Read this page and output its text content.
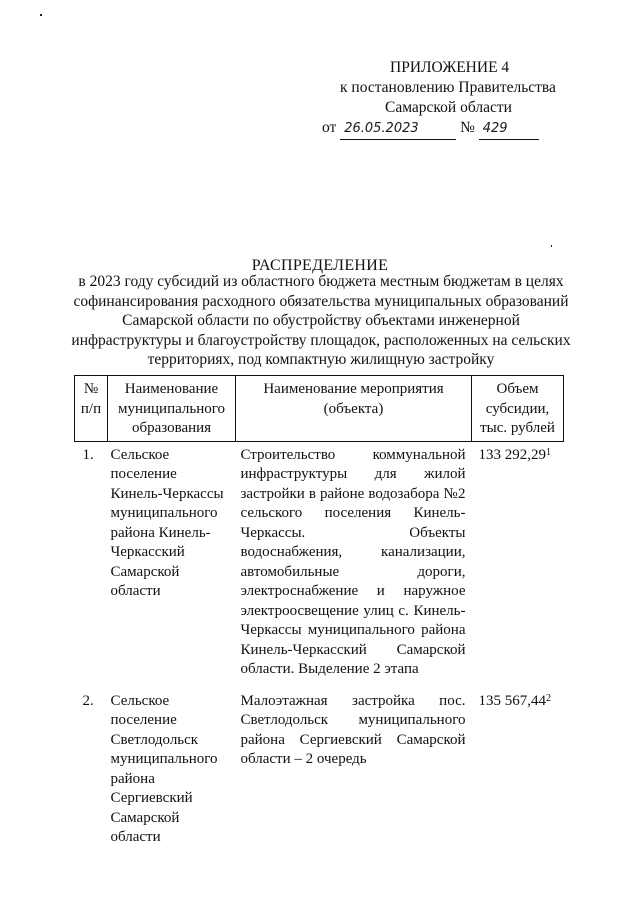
ПРИЛОЖЕНИЕ 4
к постановлению Правительства
Самарской области
от 26.05.2023	№ 429
РАСПРЕДЕЛЕНИЕ
в 2023 году субсидий из областного бюджета местным бюджетам в целях софинансирования расходного обязательства муниципальных образований Самарской области по обустройству объектами инженерной инфраструктуры и благоустройству площадок, расположенных на сельских территориях, под компактную жилищную застройку
№ п/п	Наименование муниципального образования	Наименование мероприятия (объекта)	Объем субсидии, тыс. рублей
1.	Сельское поселение Кинель-Черкассы муниципального района Кинель-Черкасский Самарской области	Строительство коммунальной инфраструктуры для жилой застройки в районе водозабора №2 сельского поселения Кинель-Черкассы. Объекты водоснабжения, канализации, автомобильные дороги, электроснабжение и наружное электроосвещение улиц с. Кинель-Черкассы муниципального района Кинель-Черкасский Самарской области. Выделение 2 этапа	133 292,29$^1$
2.	Сельское поселение Светлодольск муниципального района Сергиевский Самарской области	Малоэтажная застройка пос. Светлодольск муниципального района Сергиевский Самарской области – 2 очередь	135 567,44$^2$
